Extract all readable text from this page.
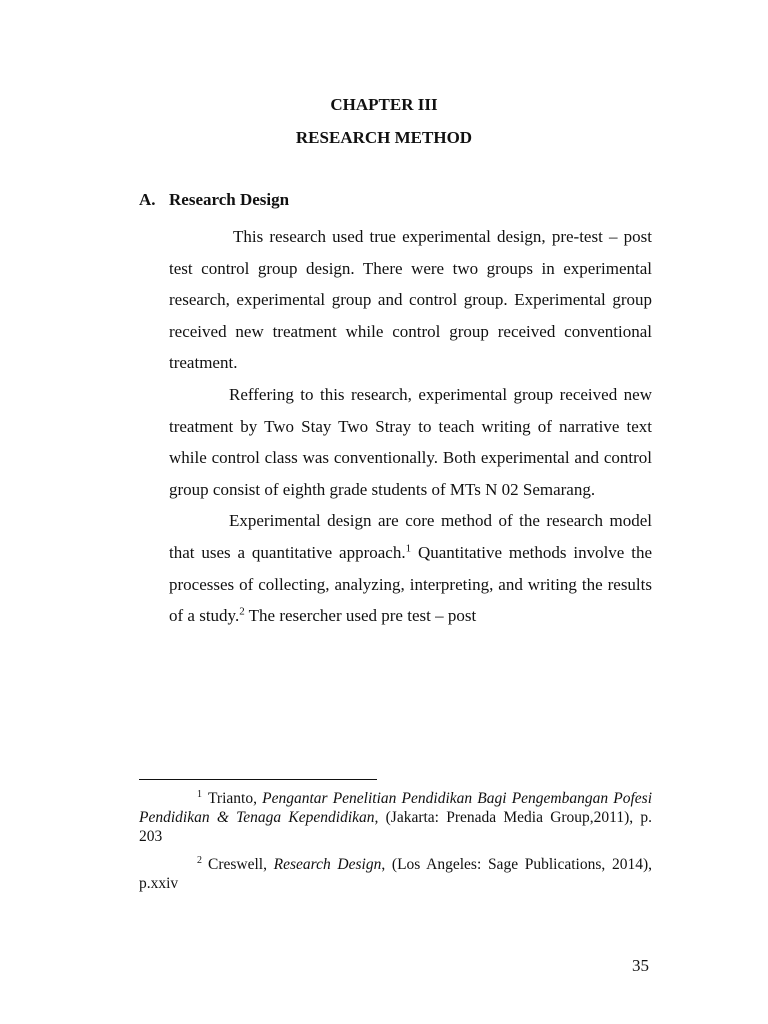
CHAPTER III
RESEARCH METHOD
A. Research Design

This research used true experimental design, pre-test – post test control group design. There were two groups in experimental research, experimental group and control group. Experimental group received new treatment while control group received conventional treatment.

Reffering to this research, experimental group received new treatment by Two Stay Two Stray to teach writing of narrative text while control class was conventionally. Both experimental and control group consist of eighth grade students of MTs N 02 Semarang.

Experimental design are core method of the research model that uses a quantitative approach.$^1$ Quantitative methods involve the processes of collecting, analyzing, interpreting, and writing the results of a study.$^2$ The resercher used pre test – post

$^1$ Trianto, Pengantar Penelitian Pendidikan Bagi Pengembangan Pofesi Pendidikan & Tenaga Kependidikan, (Jakarta: Prenada Media Group,2011), p. 203
$^2$ Creswell, Research Design, (Los Angeles: Sage Publications, 2014), p.xxiv
35
